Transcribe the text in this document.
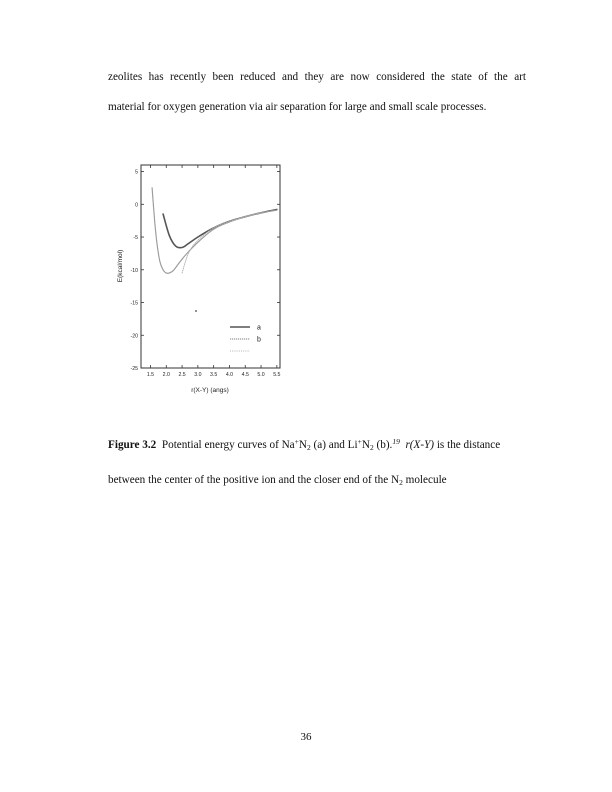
zeolites has recently been reduced and they are now considered the state of the art
material for oxygen generation via air separation for large and small scale processes.
1.5 2.0 2.5 3.0 3.5 4.0 4.5 5.0 5.5
5
0
-5
-10
-15
-20
-25
a
b
r(X-Y) (angs)
E(kcal/mol)
Figure 3.2 Potential energy curves of Na+N2 (a) and Li+N2 (b).$^{19}$ r(X-Y) is the distance
between the center of the positive ion and the closer end of the N2 molecule
36
